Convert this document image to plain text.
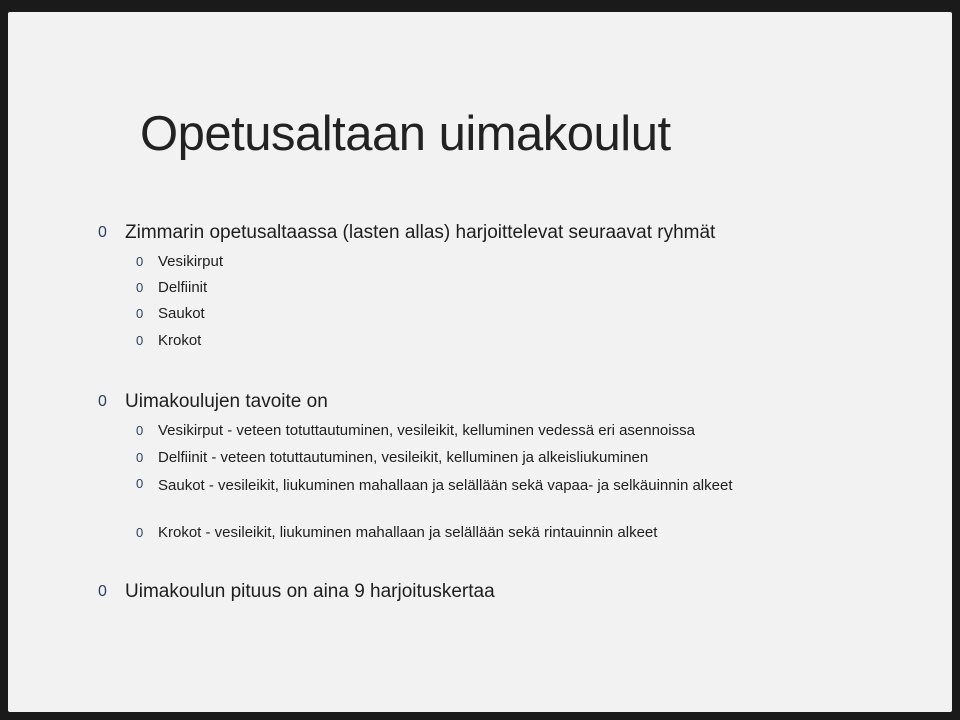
Opetusaltaan uimakoulut
0 Zimmarin opetusaltaassa (lasten allas) harjoittelevat seuraavat ryhmät
0 Vesikirput
0 Delfiinit
0 Saukot
0 Krokot
0 Uimakoulujen tavoite on
0 Vesikirput - veteen totuttautuminen, vesileikit, kelluminen vedessä eri asennoissa
0 Delfiinit - veteen totuttautuminen, vesileikit, kelluminen ja alkeisliukuminen
0 Saukot - vesileikit, liukuminen mahallaan ja selällään sekä vapaa- ja selkäuinnin alkeet
0 Krokot - vesileikit, liukuminen mahallaan ja selällään sekä rintauinnin alkeet
0 Uimakoulun pituus on aina 9 harjoituskertaa
